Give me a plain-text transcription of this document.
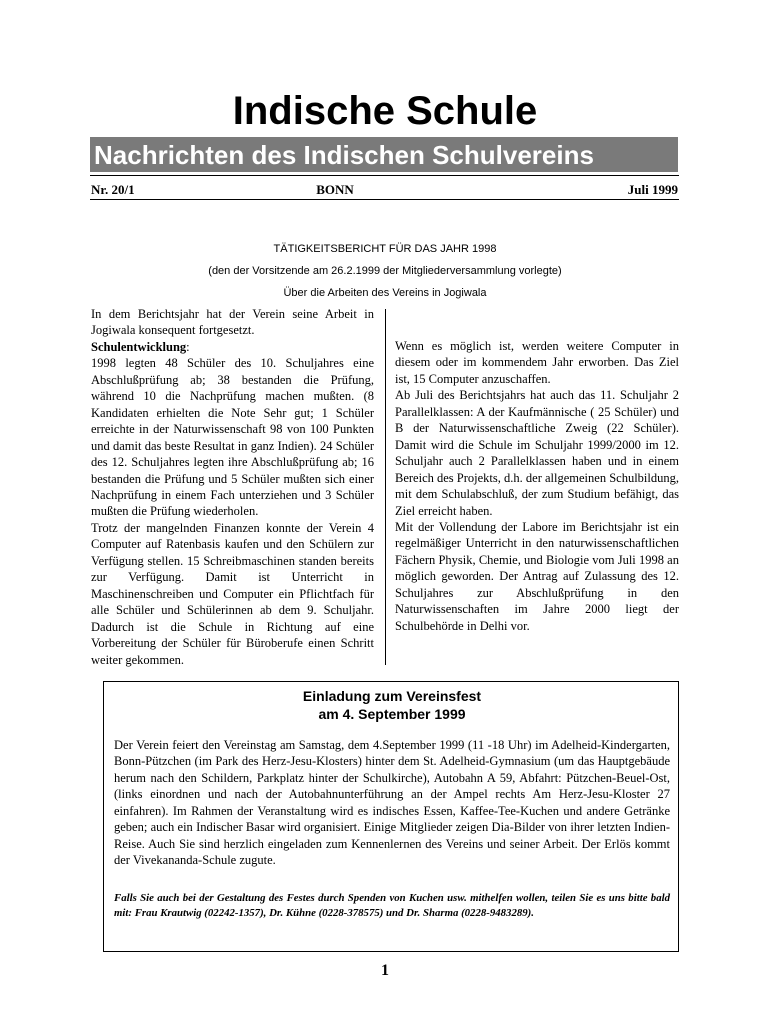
Indische Schule
Nachrichten des Indischen Schulvereins
Nr. 20/1	BONN	Juli 1999
TÄTIGKEITSBERICHT FÜR DAS JAHR 1998
(den der Vorsitzende am 26.2.1999 der Mitgliederversammlung vorlegte)
Über die Arbeiten des Vereins in Jogiwala

In dem Berichtsjahr hat der Verein seine Arbeit in Jogiwala konsequent fortgesetzt.

Schulentwicklung:

1998 legten 48 Schüler des 10. Schuljahres eine Abschlußprüfung ab; 38 bestanden die Prüfung, während 10 die Nachprüfung machen mußten. (8 Kandidaten erhielten die Note Sehr gut; 1 Schüler erreichte in der Naturwissenschaft 98 von 100 Punkten und damit das beste Resultat in ganz Indien). 24 Schüler des 12. Schuljahres legten ihre Abschlußprüfung ab; 16 bestanden die Prüfung und 5 Schüler mußten sich einer Nachprüfung in einem Fach unterziehen und 3 Schüler mußten die Prüfung wiederholen.

Trotz der mangelnden Finanzen konnte der Verein 4 Computer auf Ratenbasis kaufen und den Schülern zur Verfügung stellen. 15 Schreibmaschinen standen bereits zur Verfügung. Damit ist Unterricht in Maschinenschreiben und Computer ein Pflichtfach für alle Schüler und Schülerinnen ab dem 9. Schuljahr. Dadurch ist die Schule in Richtung auf eine Vorbereitung der Schüler für Büroberufe einen Schritt weiter gekommen.

Wenn es möglich ist, werden weitere Computer in diesem oder im kommendem Jahr erworben. Das Ziel ist, 15 Computer anzuschaffen.

Ab Juli des Berichtsjahrs hat auch das 11. Schuljahr 2 Parallelklassen: A der Kaufmännische ( 25 Schüler) und B der Naturwissenschaftliche Zweig (22 Schüler). Damit wird die Schule im Schuljahr 1999/2000 im 12. Schuljahr auch 2 Parallelklassen haben und in einem Bereich des Projekts, d.h. der allgemeinen Schulbildung, mit dem Schulabschluß, der zum Studium befähigt, das Ziel erreicht haben.

Mit der Vollendung der Labore im Berichtsjahr ist ein regelmäßiger Unterricht in den naturwissenschaftlichen Fächern Physik, Chemie, und Biologie vom Juli 1998 an möglich geworden. Der Antrag auf Zulassung des 12. Schuljahres zur Abschlußprüfung in den Naturwissenschaften im Jahre 2000 liegt der Schulbehörde in Delhi vor.

Einladung zum Vereinsfest
am 4. September 1999

Der Verein feiert den Vereinstag am Samstag, dem 4.September 1999 (11 -18 Uhr) im Adelheid-Kindergarten, Bonn-Pützchen (im Park des Herz-Jesu-Klosters) hinter dem St. Adelheid-Gymnasium (um das Hauptgebäude herum nach den Schildern, Parkplatz hinter der Schulkirche), Autobahn A 59, Abfahrt: Pützchen-Beuel-Ost, (links einordnen und nach der Autobahnunterführung an der Ampel rechts Am Herz-Jesu-Kloster 27 einfahren). Im Rahmen der Veranstaltung wird es indisches Essen, Kaffee-Tee-Kuchen und andere Getränke geben; auch ein Indischer Basar wird organisiert. Einige Mitglieder zeigen Dia-Bilder von ihrer letzten Indien-Reise. Auch Sie sind herzlich eingeladen zum Kennenlernen des Vereins und seiner Arbeit. Der Erlös kommt der Vivekananda-Schule zugute.

Falls Sie auch bei der Gestaltung des Festes durch Spenden von Kuchen usw. mithelfen wollen, teilen Sie es uns bitte bald mit: Frau Krautwig (02242-1357), Dr. Kühne (0228-378575) und Dr. Sharma (0228-9483289).

1
